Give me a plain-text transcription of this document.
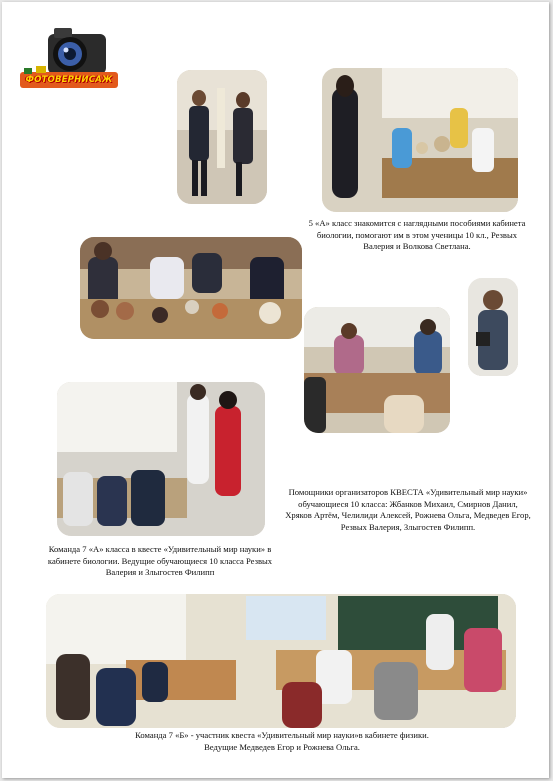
ФОТОВЕРНИСАЖ
5 «А» класс знакомится с наглядными пособиями кабинета биологии, помогают им в этом ученицы 10 кл., Резвых Валерия и Волкова Светлана.
Команда 7 «А» класса в квесте «Удивительный мир науки» в кабинете биологии. Ведущие обучающиеся 10 класса Резвых Валерия и Злыгостев Филипп
Помощники организаторов КВЕСТА «Удивительный мир науки» обучающиеся 10 класса: Жбанков Михаил, Смирнов Данил, Хряков Артём, Челилиди Алексей, Рожнева Ольга, Медведев Егор, Резвых Валерия, Злыгостев Филипп.
Команда 7 «Б» - участник квеста «Удивительный мир науки»в кабинете физики. Ведущие Медведев Егор и Рожнева Ольга.
